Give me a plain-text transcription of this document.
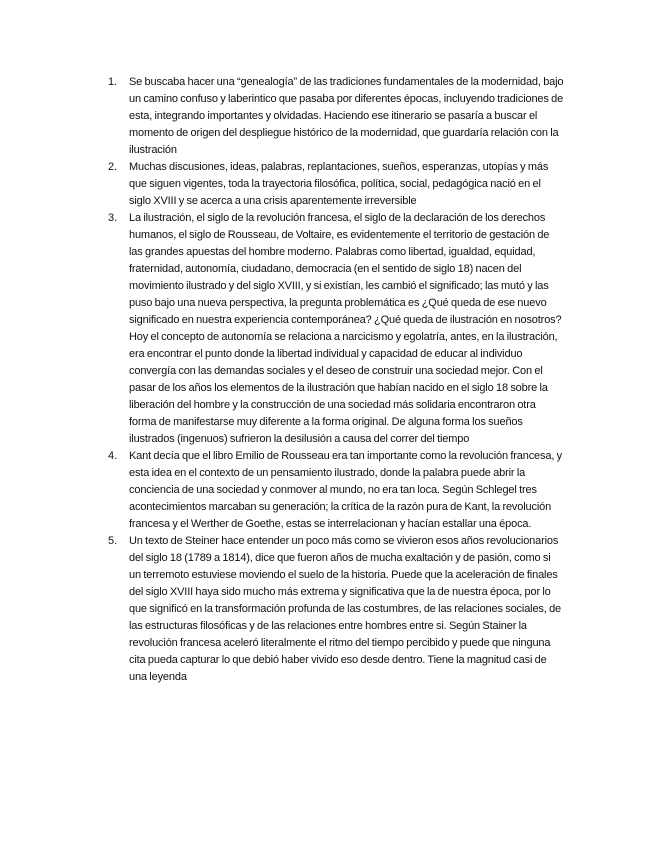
1. Se buscaba hacer una “genealogía” de las tradiciones fundamentales de la modernidad, bajo un camino confuso y laberintico que pasaba por diferentes épocas, incluyendo tradiciones de esta, integrando importantes y olvidadas. Haciendo ese itinerario se pasaría a buscar el momento de origen del despliegue histórico de la modernidad, que guardaría relación con la ilustración
2. Muchas discusiones, ideas, palabras, replantaciones, sueños, esperanzas, utopías y más que siguen vigentes, toda la trayectoria filosófica, política, social, pedagógica nació en el siglo XVIII y se acerca a una crisis aparentemente irreversible
3. La ilustración, el siglo de la revolución francesa, el siglo de la declaración de los derechos humanos, el siglo de Rousseau, de Voltaire, es evidentemente el territorio de gestación de las grandes apuestas del hombre moderno. Palabras como libertad, igualdad, equidad, fraternidad, autonomía, ciudadano, democracia (en el sentido de siglo 18) nacen del movimiento ilustrado y del siglo XVIII, y si existían, les cambió el significado; las mutó y las puso bajo una nueva perspectiva, la pregunta problemática es ¿Qué queda de ese nuevo significado en nuestra experiencia contemporánea? ¿Qué queda de ilustración en nosotros? Hoy el concepto de autonomía se relaciona a narcicismo y egolatría, antes, en la ilustración, era encontrar el punto donde la libertad individual y capacidad de educar al individuo convergía con las demandas sociales y el deseo de construir una sociedad mejor. Con el pasar de los años los elementos de la ilustración que habían nacido en el siglo 18 sobre la liberación del hombre y la construcción de una sociedad más solidaria encontraron otra forma de manifestarse muy diferente a la forma original. De alguna forma los sueños ilustrados (ingenuos) sufrieron la desilusión a causa del correr del tiempo
4. Kant decía que el libro Emilio de Rousseau era tan importante como la revolución francesa, y esta idea en el contexto de un pensamiento ilustrado, donde la palabra puede abrir la conciencia de una sociedad y conmover al mundo, no era tan loca. Según Schlegel tres acontecimientos marcaban su generación; la crítica de la razón pura de Kant, la revolución francesa y el Werther de Goethe, estas se interrelacionan y hacían estallar una época.
5. Un texto de Steiner hace entender un poco más como se vivieron esos años revolucionarios del siglo 18 (1789 a 1814), dice que fueron años de mucha exaltación y de pasión, como si un terremoto estuviese moviendo el suelo de la historia. Puede que la aceleración de finales del siglo XVIII haya sido mucho más extrema y significativa que la de nuestra época, por lo que significó en la transformación profunda de las costumbres, de las relaciones sociales, de las estructuras filosóficas y de las relaciones entre hombres entre si. Según Stainer la revolución francesa aceleró literalmente el ritmo del tiempo percibido y puede que ninguna cita pueda capturar lo que debió haber vivido eso desde dentro. Tiene la magnitud casi de una leyenda
